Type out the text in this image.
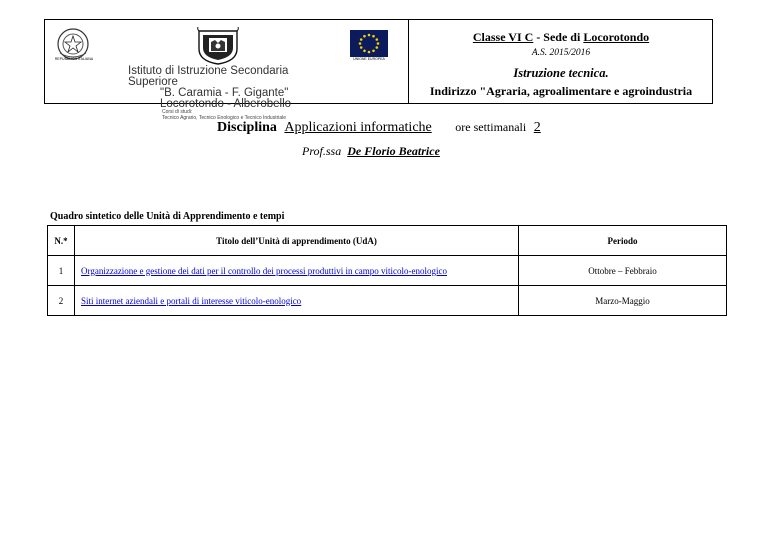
REPUBBLICA ITALIANA	UNIONE EUROPEA
Istituto di Istruzione Secondaria Superiore
"B. Caramia - F. Gigante"
Locorotondo - Alberobello
Corsi di studi:
Tecnico Agrario, Tecnico Enologico e Tecnico Industriale
Classe VI C - Sede di Locorotondo
A.S. 2015/2016
Istruzione tecnica.
Indirizzo "Agraria, agroalimentare e agroindustria
Disciplina Applicazioni informatiche ore settimanali 2
Prof.ssa De Florio Beatrice
Quadro sintetico delle Unità di Apprendimento e tempi
N.*	Titolo dell’Unità di apprendimento (UdA)	Periodo
1	Organizzazione e gestione dei dati per il controllo dei processi produttivi in campo viticolo-enologico	Ottobre – Febbraio
2	Siti internet aziendali e portali di interesse viticolo-enologico	Marzo-Maggio
